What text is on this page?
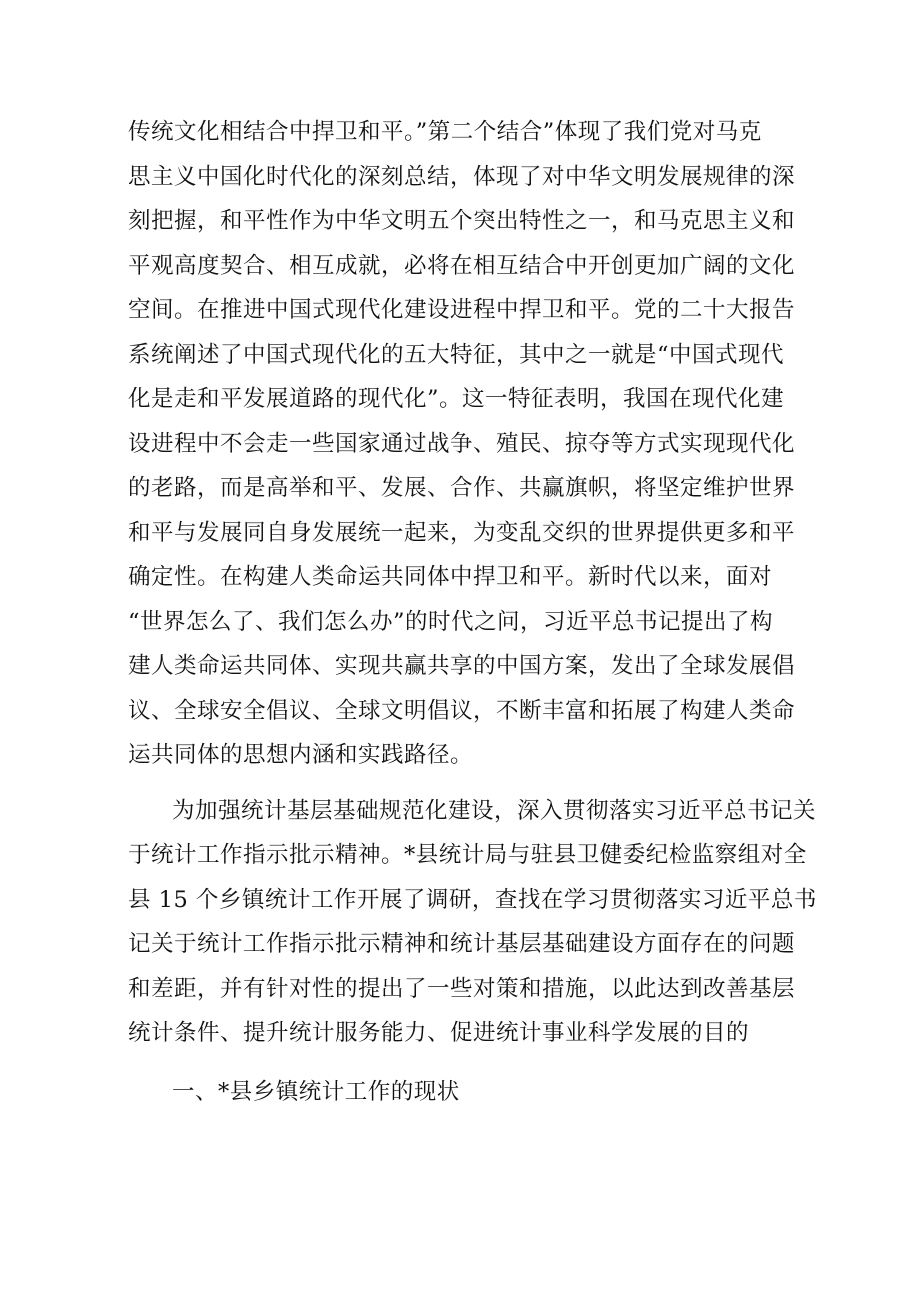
传统文化相结合中捍卫和平。”第二个结合”体现了我们党对马克
思主义中国化时代化的深刻总结，体现了对中华文明发展规律的深
刻把握，和平性作为中华文明五个突出特性之一，和马克思主义和
平观高度契合、相互成就，必将在相互结合中开创更加广阔的文化
空间。在推进中国式现代化建设进程中捍卫和平。党的二十大报告
系统阐述了中国式现代化的五大特征，其中之一就是“中国式现代
化是走和平发展道路的现代化”。这一特征表明，我国在现代化建
设进程中不会走一些国家通过战争、殖民、掠夺等方式实现现代化
的老路，而是高举和平、发展、合作、共赢旗帜，将坚定维护世界
和平与发展同自身发展统一起来，为变乱交织的世界提供更多和平
确定性。在构建人类命运共同体中捍卫和平。新时代以来，面对
“世界怎么了、我们怎么办”的时代之问，习近平总书记提出了构
建人类命运共同体、实现共赢共享的中国方案，发出了全球发展倡
议、全球安全倡议、全球文明倡议，不断丰富和拓展了构建人类命
运共同体的思想内涵和实践路径。
为加强统计基层基础规范化建设，深入贯彻落实习近平总书记关
于统计工作指示批示精神。*县统计局与驻县卫健委纪检监察组对全
县 15 个乡镇统计工作开展了调研，查找在学习贯彻落实习近平总书
记关于统计工作指示批示精神和统计基层基础建设方面存在的问题
和差距，并有针对性的提出了一些对策和措施，以此达到改善基层
统计条件、提升统计服务能力、促进统计事业科学发展的目的
一、*县乡镇统计工作的现状
